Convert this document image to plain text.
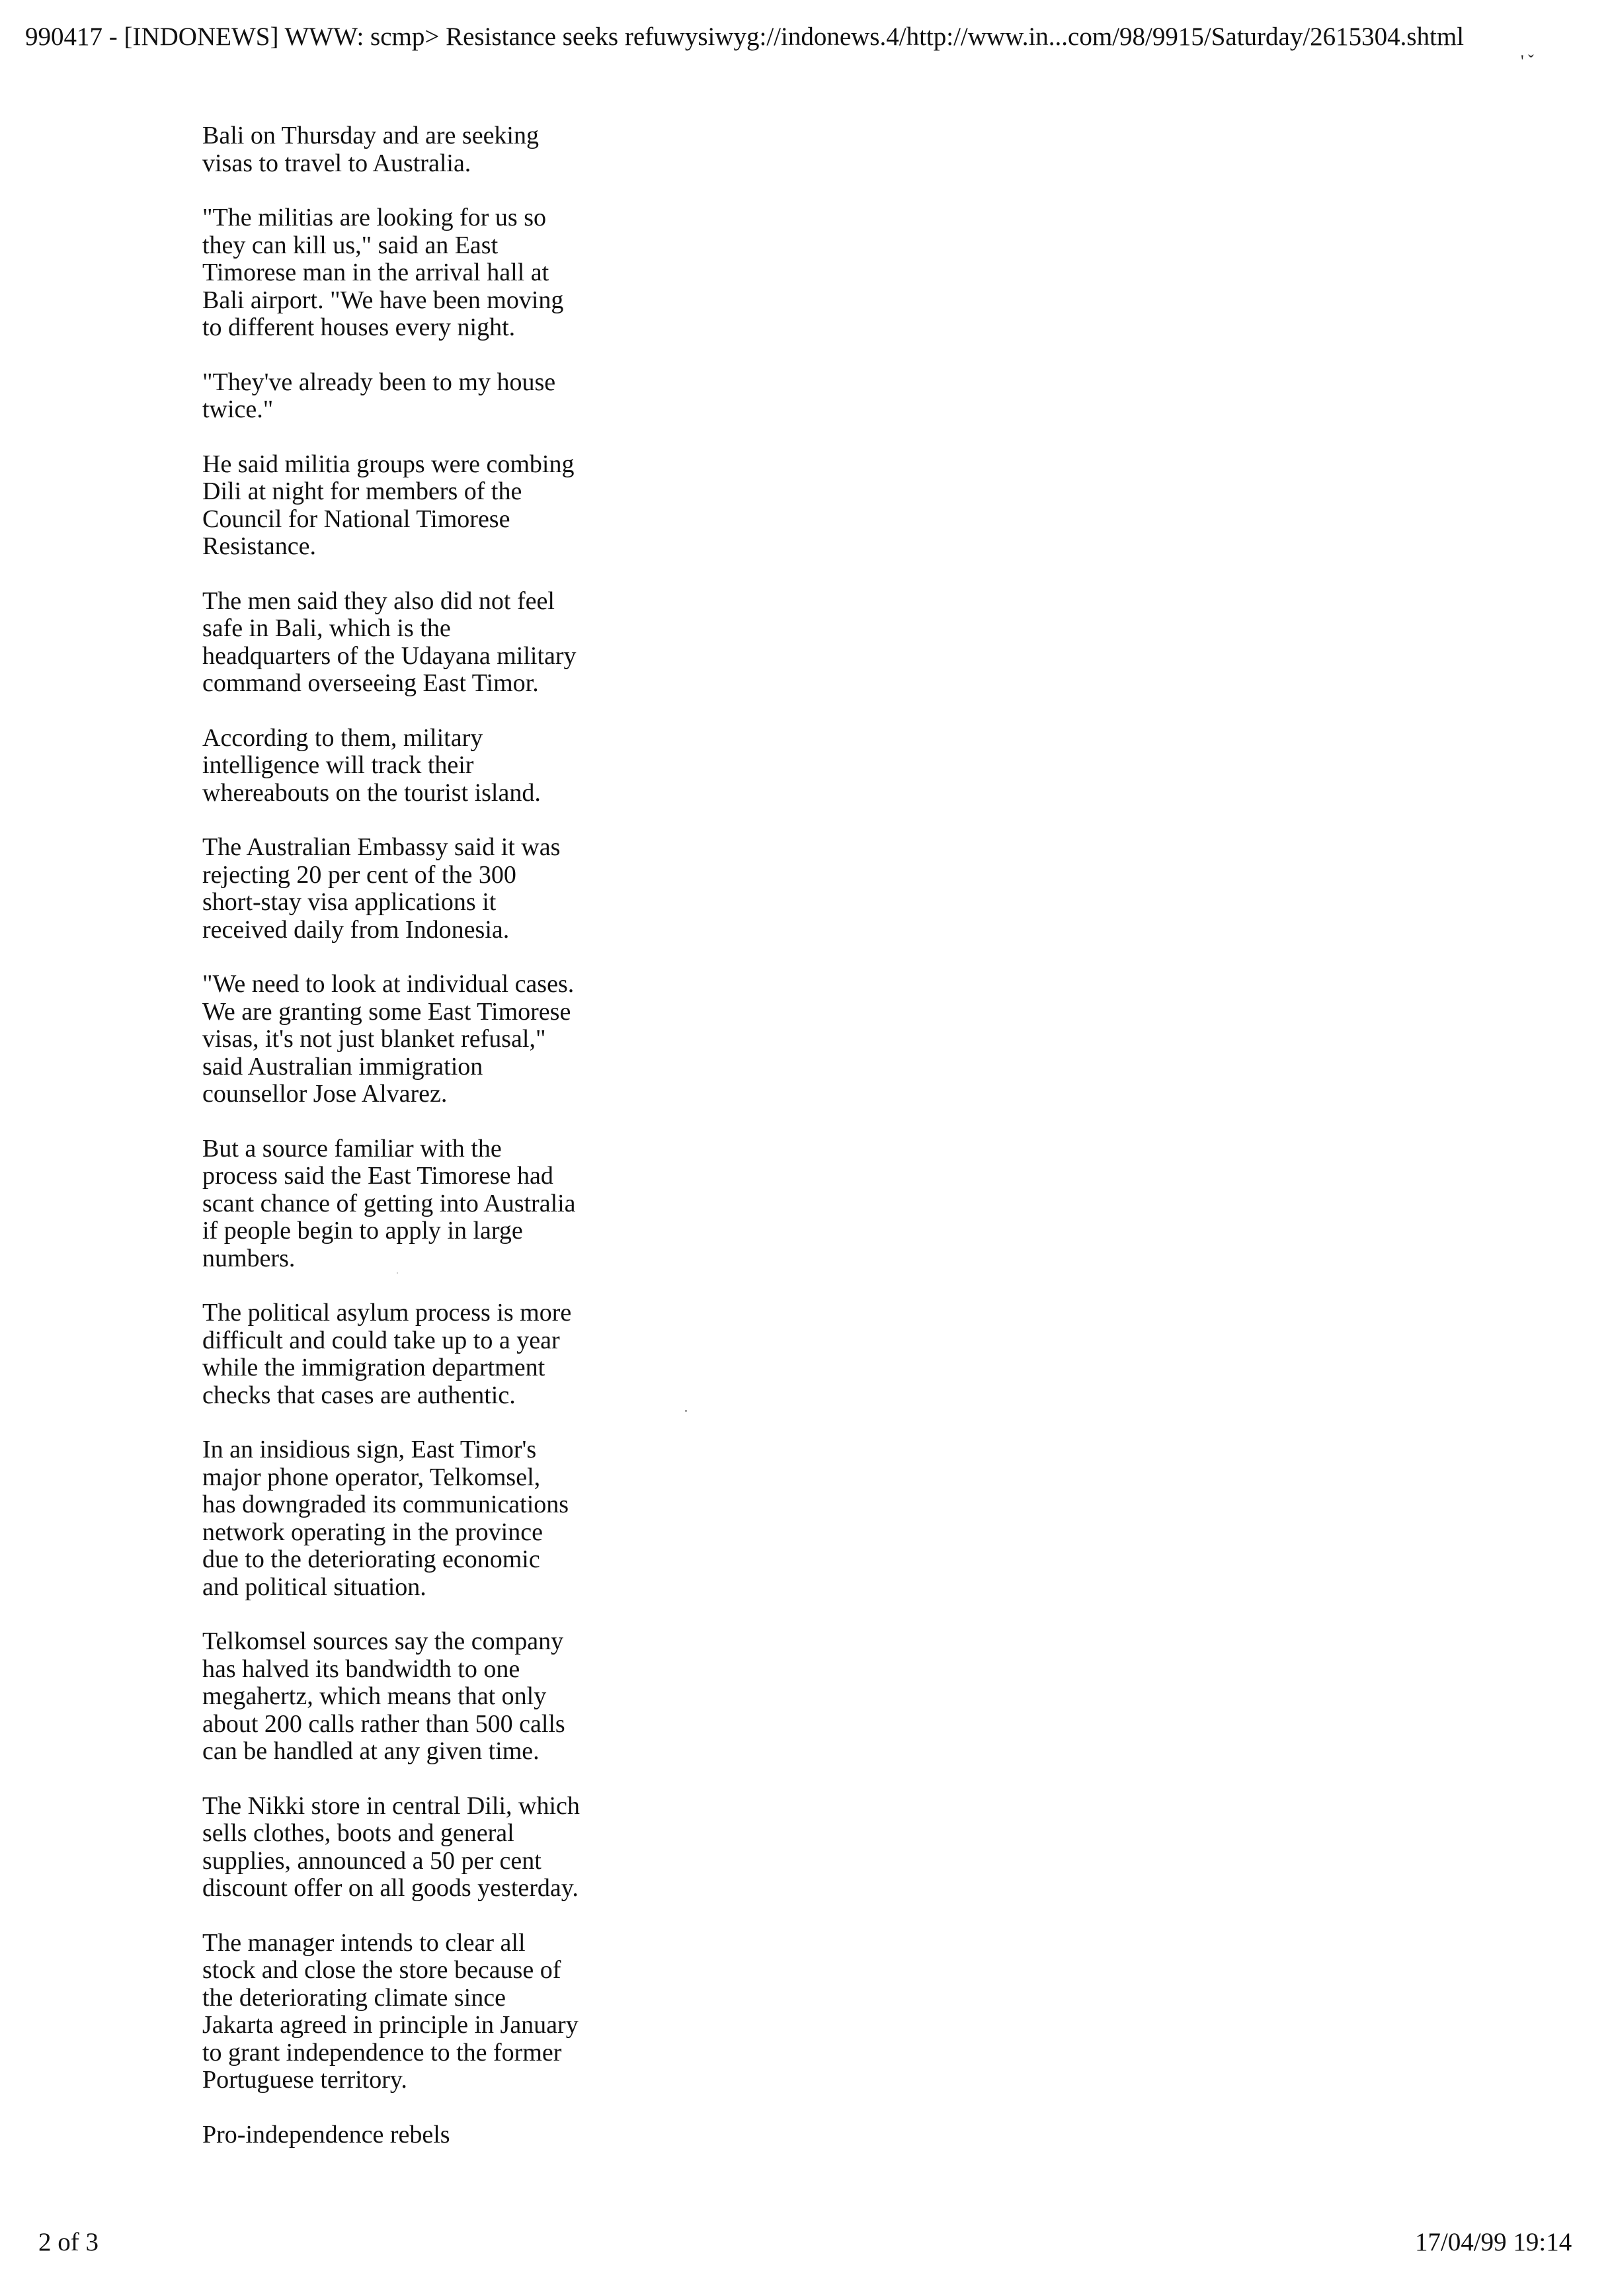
990417 - [INDONEWS] WWW: scmp> Resistance seeks refuwysiwyg://indonews.4/http://www.in...com/98/9915/Saturday/2615304.shtml
' ˇ

Bali on Thursday and are seeking
visas to travel to Australia.

"The militias are looking for us so
they can kill us," said an East
Timorese man in the arrival hall at
Bali airport. "We have been moving
to different houses every night.

"They've already been to my house
twice."

He said militia groups were combing
Dili at night for members of the
Council for National Timorese
Resistance.

The men said they also did not feel
safe in Bali, which is the
headquarters of the Udayana military
command overseeing East Timor.

According to them, military
intelligence will track their
whereabouts on the tourist island.

The Australian Embassy said it was
rejecting 20 per cent of the 300
short-stay visa applications it
received daily from Indonesia.

"We need to look at individual cases.
We are granting some East Timorese
visas, it's not just blanket refusal,"
said Australian immigration
counsellor Jose Alvarez.

But a source familiar with the
process said the East Timorese had
scant chance of getting into Australia
if people begin to apply in large
numbers.

The political asylum process is more
difficult and could take up to a year
while the immigration department
checks that cases are authentic.

In an insidious sign, East Timor's
major phone operator, Telkomsel,
has downgraded its communications
network operating in the province
due to the deteriorating economic
and political situation.

Telkomsel sources say the company
has halved its bandwidth to one
megahertz, which means that only
about 200 calls rather than 500 calls
can be handled at any given time.

The Nikki store in central Dili, which
sells clothes, boots and general
supplies, announced a 50 per cent
discount offer on all goods yesterday.

The manager intends to clear all
stock and close the store because of
the deteriorating climate since
Jakarta agreed in principle in January
to grant independence to the former
Portuguese territory.

Pro-independence rebels

2 of 3	17/04/99 19:14
